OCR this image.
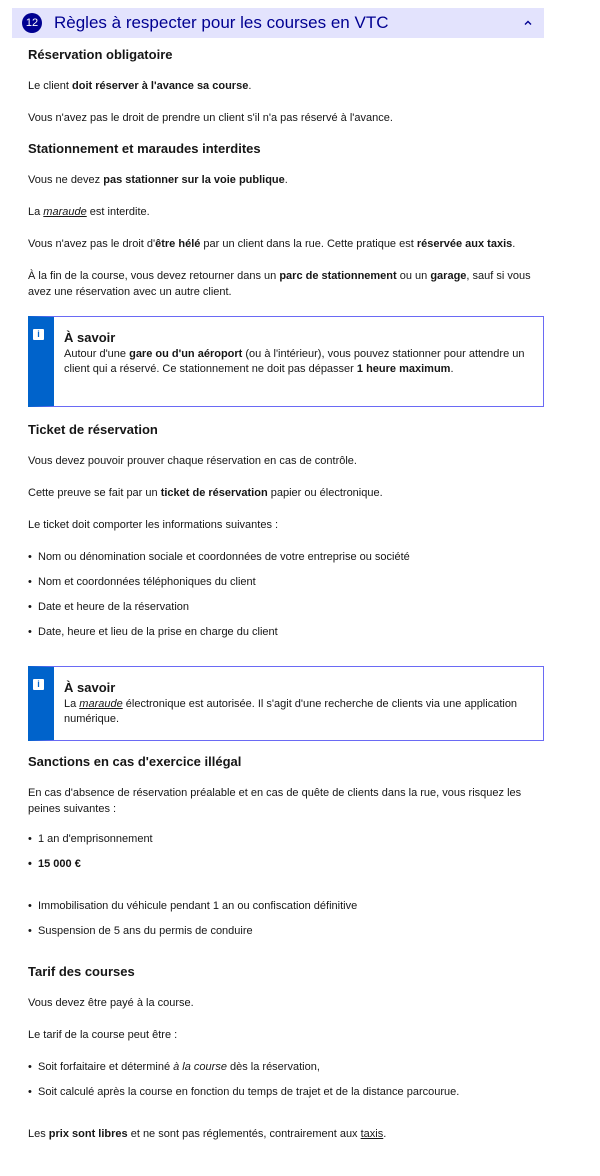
12 Règles à respecter pour les courses en VTC
Réservation obligatoire

Le client doit réserver à l'avance sa course.

Vous n'avez pas le droit de prendre un client s'il n'a pas réservé à l'avance.

Stationnement et maraudes interdites

Vous ne devez pas stationner sur la voie publique.

La maraude est interdite.

Vous n'avez pas le droit d'être hélé par un client dans la rue. Cette pratique est réservée aux taxis.

À la fin de la course, vous devez retourner dans un parc de stationnement ou un garage, sauf si vous avez une réservation avec un autre client.

i	À savoir

Autour d'une gare ou d'un aéroport (ou à l'intérieur), vous pouvez stationner pour attendre un client qui a réservé. Ce stationnement ne doit pas dépasser 1 heure maximum.

Ticket de réservation

Vous devez pouvoir prouver chaque réservation en cas de contrôle.

Cette preuve se fait par un ticket de réservation papier ou électronique.

Le ticket doit comporter les informations suivantes :

• Nom ou dénomination sociale et coordonnées de votre entreprise ou société
• Nom et coordonnées téléphoniques du client
• Date et heure de la réservation
• Date, heure et lieu de la prise en charge du client
i	À savoir

La maraude électronique est autorisée. Il s'agit d'une recherche de clients via une application numérique.

Sanctions en cas d'exercice illégal

En cas d'absence de réservation préalable et en cas de quête de clients dans la rue, vous risquez les peines suivantes :

• 1 an d'emprisonnement
• 15 000 €
• Immobilisation du véhicule pendant 1 an ou confiscation définitive
• Suspension de 5 ans du permis de conduire
Tarif des courses

Vous devez être payé à la course.

Le tarif de la course peut être :

• Soit forfaitaire et déterminé à la course dès la réservation,
• Soit calculé après la course en fonction du temps de trajet et de la distance parcourue.

Les prix sont libres et ne sont pas réglementés, contrairement aux taxis.
